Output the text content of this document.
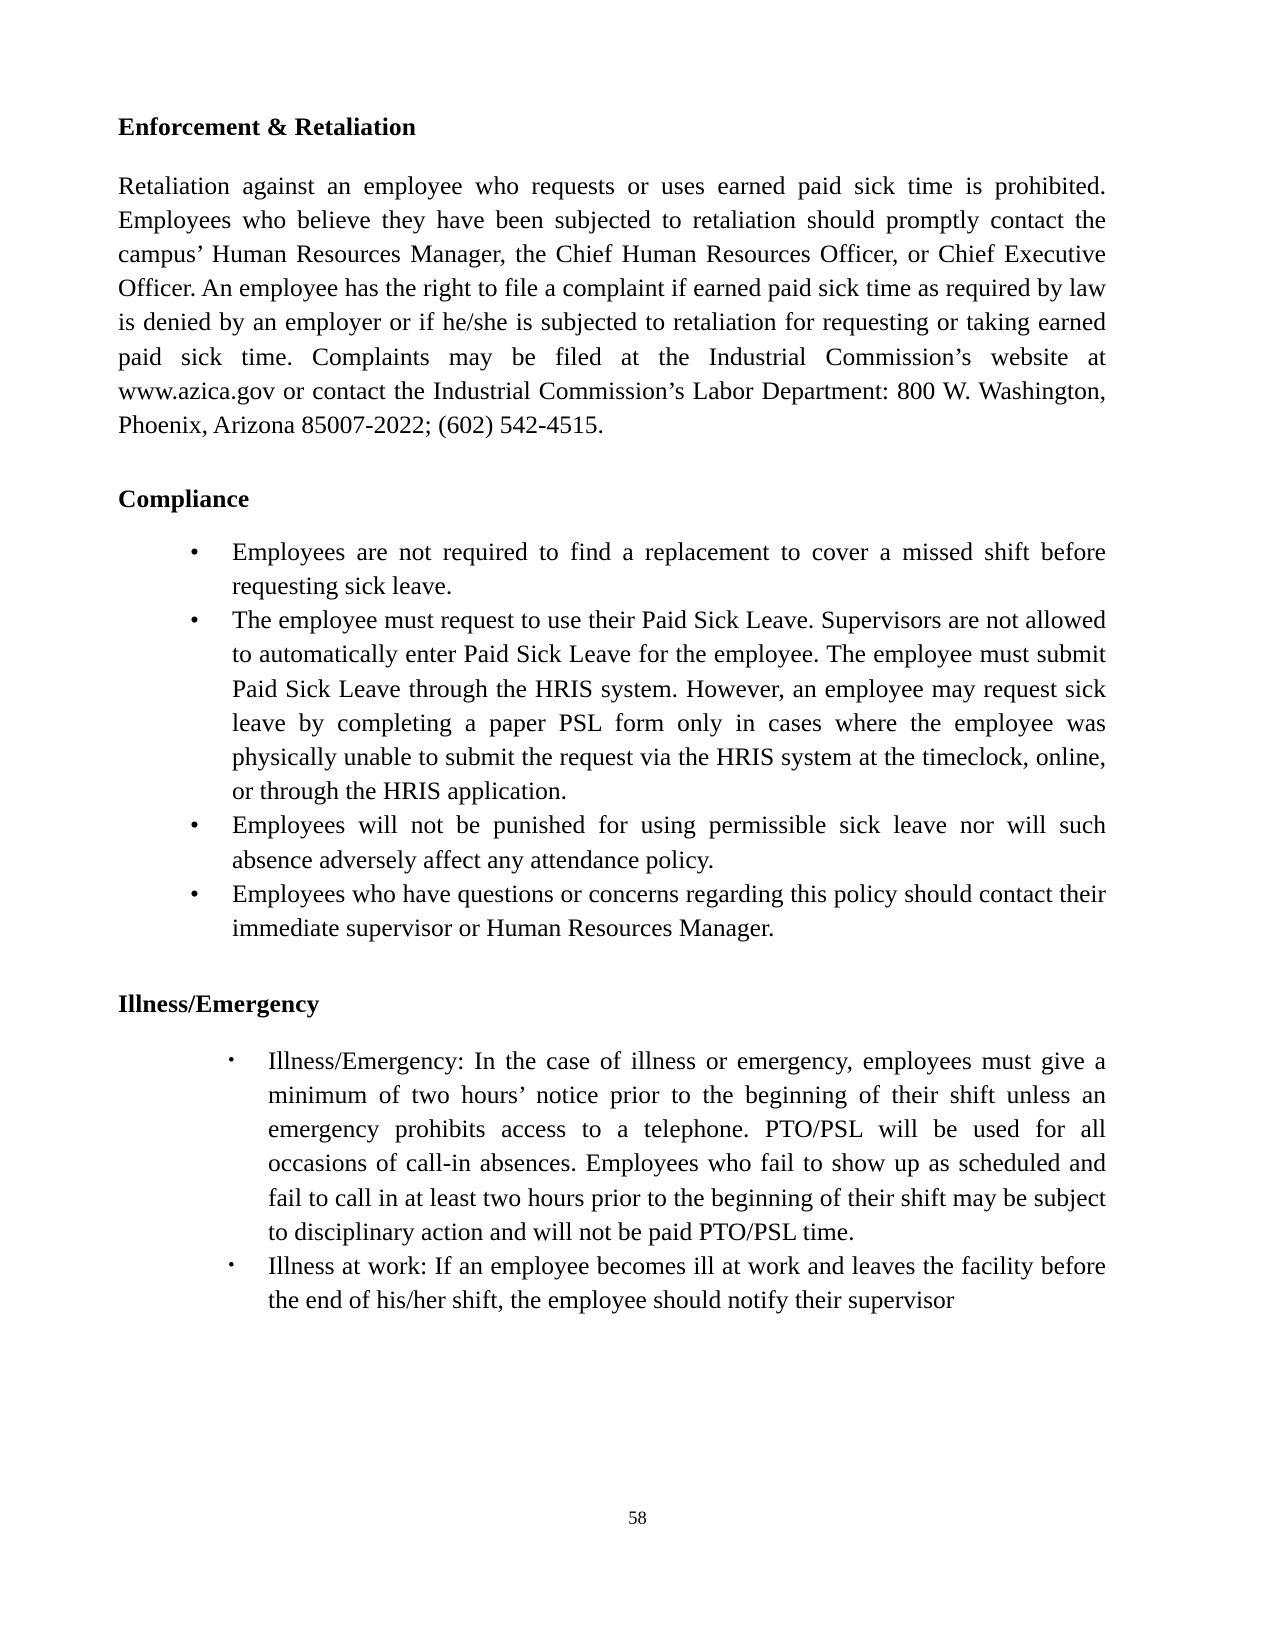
Enforcement & Retaliation

Retaliation against an employee who requests or uses earned paid sick time is prohibited. Employees who believe they have been subjected to retaliation should promptly contact the campus’ Human Resources Manager, the Chief Human Resources Officer, or Chief Executive Officer. An employee has the right to file a complaint if earned paid sick time as required by law is denied by an employer or if he/she is subjected to retaliation for requesting or taking earned paid sick time. Complaints may be filed at the Industrial Commission’s website at www.azica.gov or contact the Industrial Commission’s Labor Department: 800 W. Washington, Phoenix, Arizona 85007-2022; (602) 542-4515.

Compliance
• Employees are not required to find a replacement to cover a missed shift before requesting sick leave.
• The employee must request to use their Paid Sick Leave. Supervisors are not allowed to automatically enter Paid Sick Leave for the employee. The employee must submit Paid Sick Leave through the HRIS system. However, an employee may request sick leave by completing a paper PSL form only in cases where the employee was physically unable to submit the request via the HRIS system at the timeclock, online, or through the HRIS application.
• Employees will not be punished for using permissible sick leave nor will such absence adversely affect any attendance policy.
• Employees who have questions or concerns regarding this policy should contact their immediate supervisor or Human Resources Manager.
Illness/Emergency
• Illness/Emergency: In the case of illness or emergency, employees must give a minimum of two hours’ notice prior to the beginning of their shift unless an emergency prohibits access to a telephone. PTO/PSL will be used for all occasions of call-in absences. Employees who fail to show up as scheduled and fail to call in at least two hours prior to the beginning of their shift may be subject to disciplinary action and will not be paid PTO/PSL time.
• Illness at work: If an employee becomes ill at work and leaves the facility before the end of his/her shift, the employee should notify their supervisor
58
